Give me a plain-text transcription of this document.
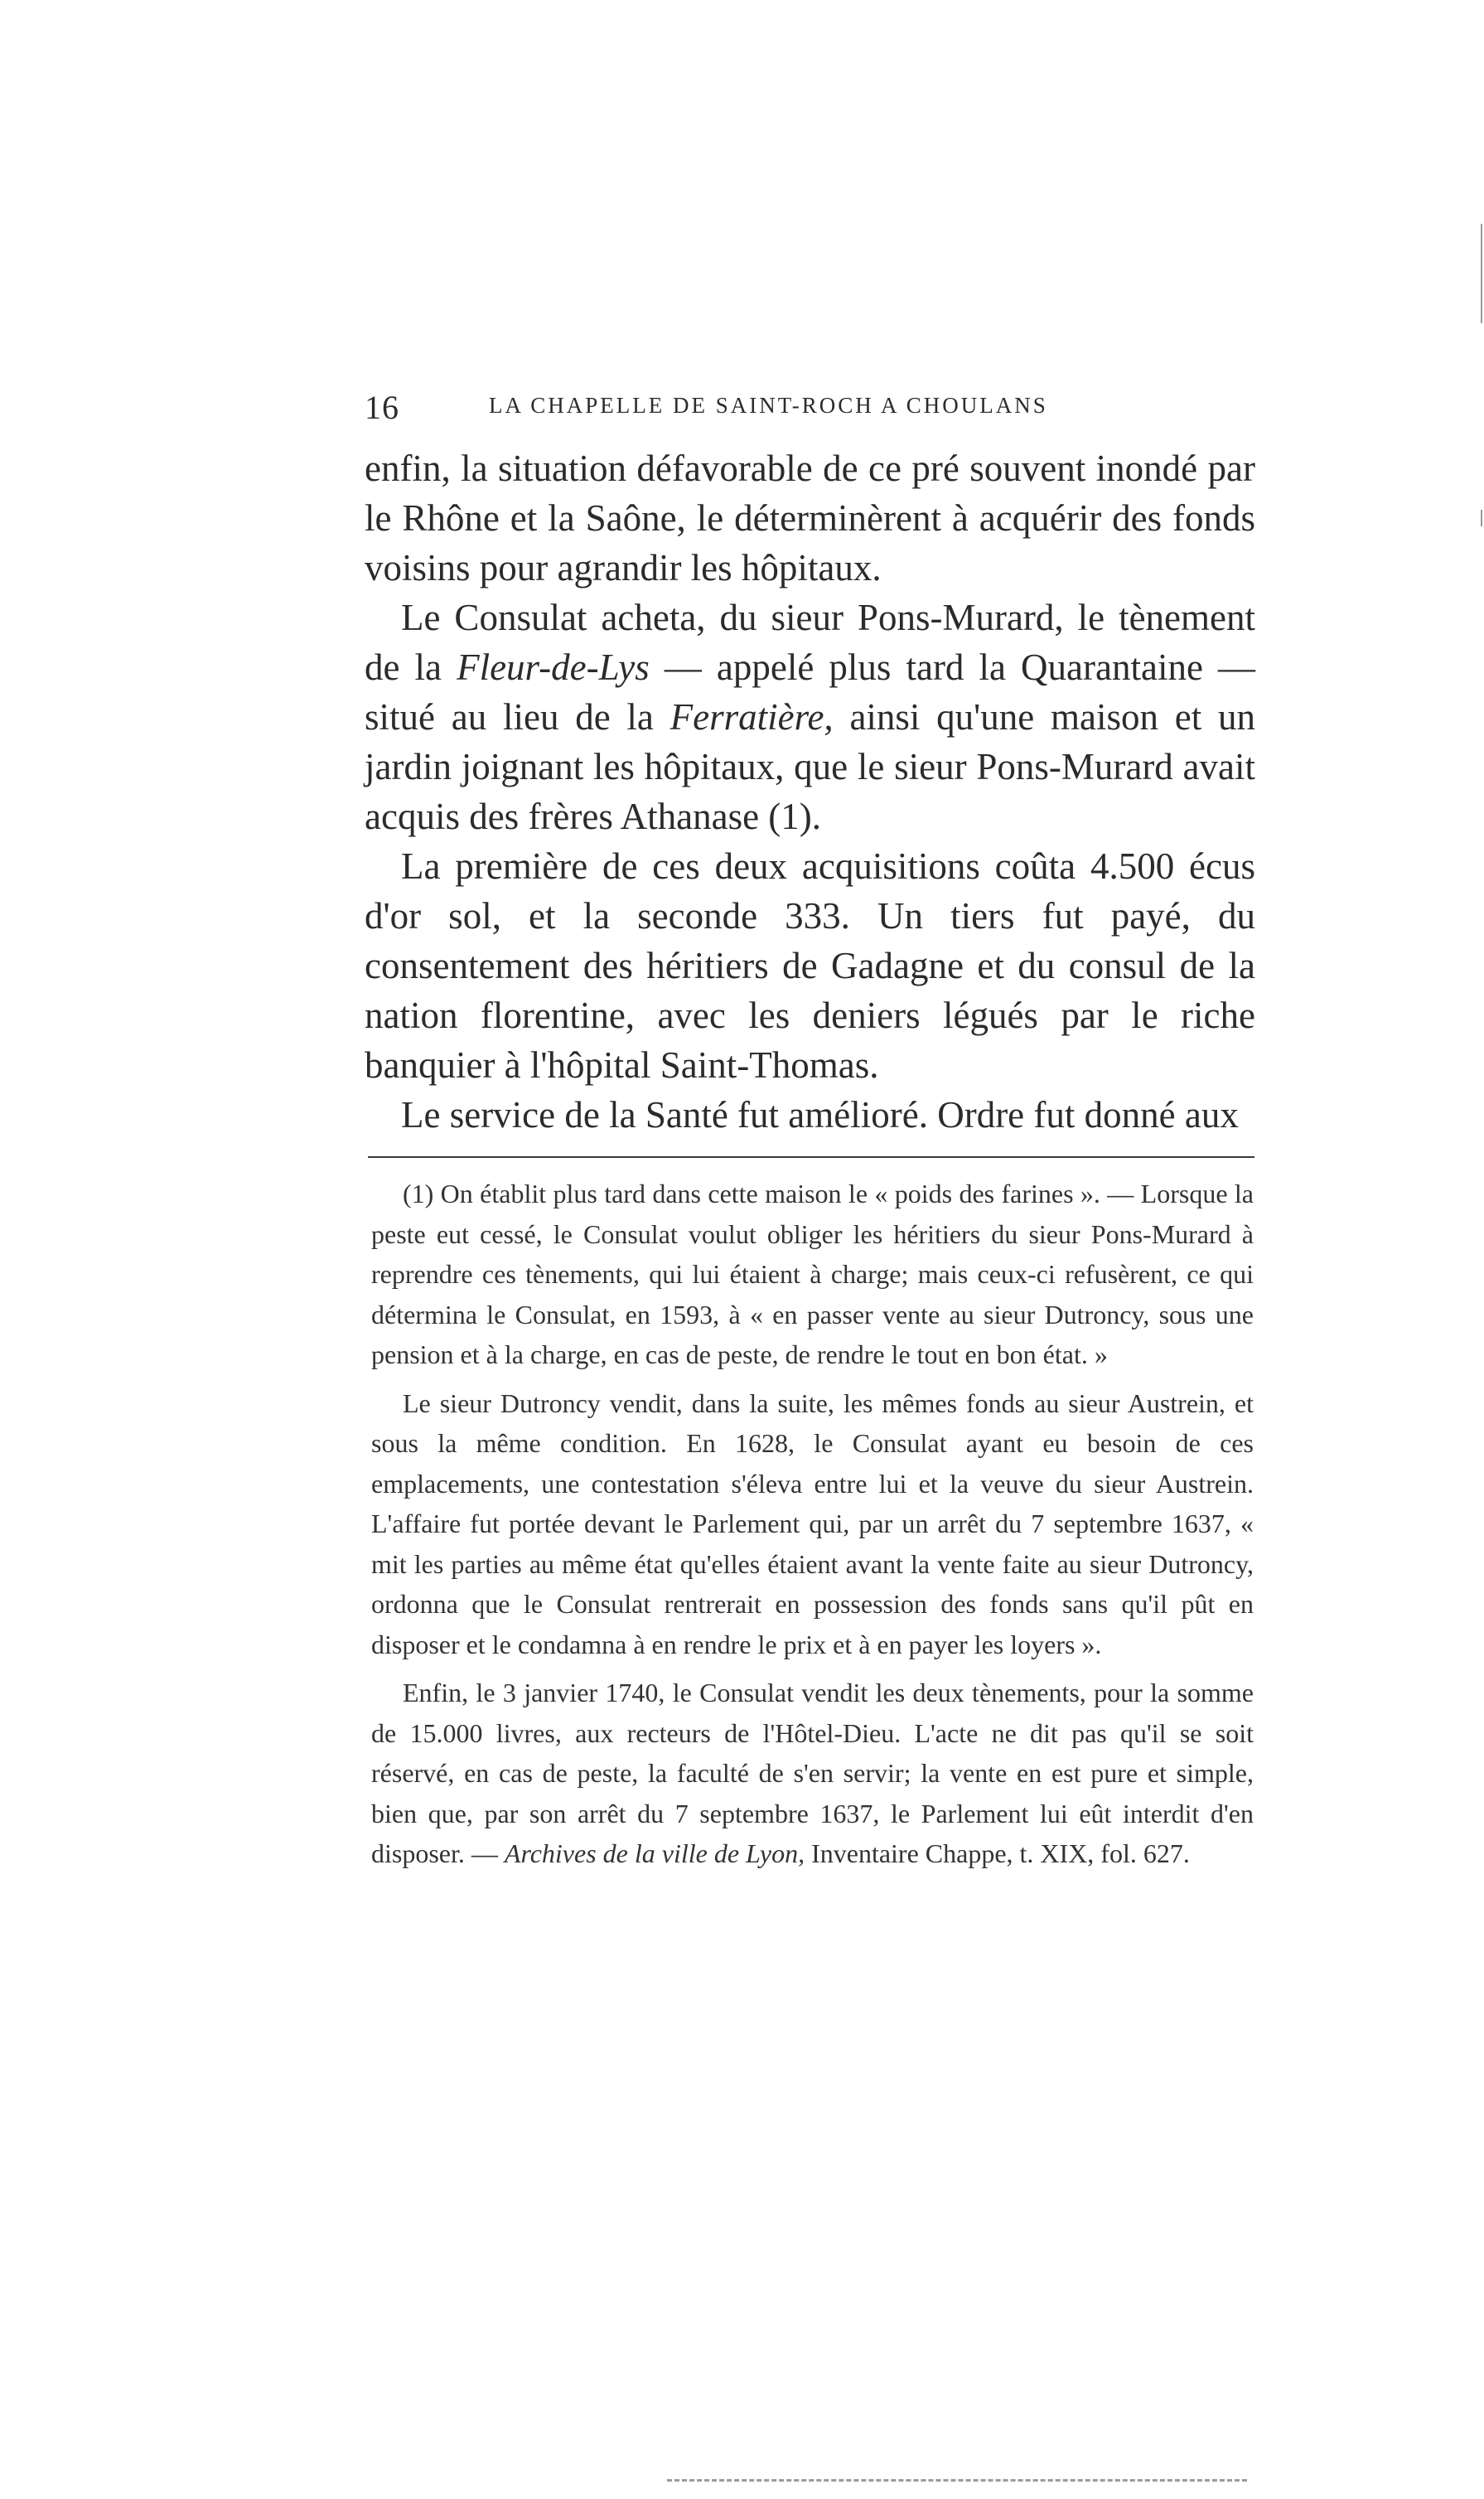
16	LA CHAPELLE DE SAINT-ROCH A CHOULANS

enfin, la situation défavorable de ce pré souvent inondé par le Rhône et la Saône, le déterminèrent à acquérir des fonds voisins pour agrandir les hôpitaux.

Le Consulat acheta, du sieur Pons-Murard, le tènement de la Fleur-de-Lys — appelé plus tard la Quarantaine — situé au lieu de la Ferratière, ainsi qu'une maison et un jardin joignant les hôpitaux, que le sieur Pons-Murard avait acquis des frères Athanase (1).

La première de ces deux acquisitions coûta 4.500 écus d'or sol, et la seconde 333. Un tiers fut payé, du consentement des héritiers de Gadagne et du consul de la nation florentine, avec les deniers légués par le riche banquier à l'hôpital Saint-Thomas.

Le service de la Santé fut amélioré. Ordre fut donné aux

(1) On établit plus tard dans cette maison le « poids des farines ». — Lorsque la peste eut cessé, le Consulat voulut obliger les héritiers du sieur Pons-Murard à reprendre ces tènements, qui lui étaient à charge; mais ceux-ci refusèrent, ce qui détermina le Consulat, en 1593, à « en passer vente au sieur Dutroncy, sous une pension et à la charge, en cas de peste, de rendre le tout en bon état. »

Le sieur Dutroncy vendit, dans la suite, les mêmes fonds au sieur Austrein, et sous la même condition. En 1628, le Consulat ayant eu besoin de ces emplacements, une contestation s'éleva entre lui et la veuve du sieur Austrein. L'affaire fut portée devant le Parlement qui, par un arrêt du 7 septembre 1637, « mit les parties au même état qu'elles étaient avant la vente faite au sieur Dutroncy, ordonna que le Consulat rentrerait en possession des fonds sans qu'il pût en disposer et le condamna à en rendre le prix et à en payer les loyers ».

Enfin, le 3 janvier 1740, le Consulat vendit les deux tènements, pour la somme de 15.000 livres, aux recteurs de l'Hôtel-Dieu. L'acte ne dit pas qu'il se soit réservé, en cas de peste, la faculté de s'en servir; la vente en est pure et simple, bien que, par son arrêt du 7 septembre 1637, le Parlement lui eût interdit d'en disposer. — Archives de la ville de Lyon, Inventaire Chappe, t. XIX, fol. 627.
